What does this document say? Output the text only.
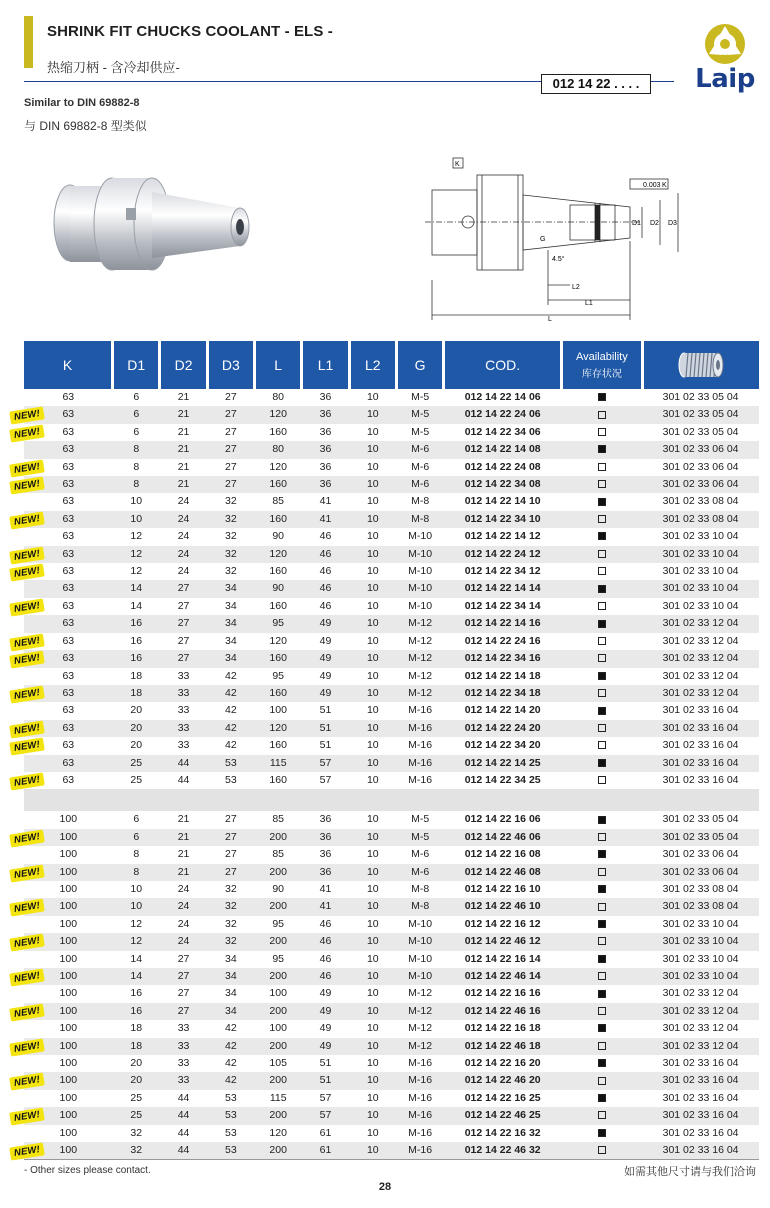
SHRINK FIT CHUCKS COOLANT - ELS -
热缩刀柄 - 含冷却供应-
012 14 22 . . . .	Laip
Similar to DIN 69882-8
与 DIN 69882-8 型类似
K
0.003 K
D1 D2 D3
G
4.5°
L2
L1
L
K	D1	D2	D3	L	L1	L2	G	COD.	Availability
库存状况

63	6	21	27	80	36	10	M-5	012 14 22 14 06		301 02 33 05 04
63	6	21	27	120	36	10	M-5	012 14 22 24 06		301 02 33 05 04
63	6	21	27	160	36	10	M-5	012 14 22 34 06		301 02 33 05 04
63	8	21	27	80	36	10	M-6	012 14 22 14 08		301 02 33 06 04
63	8	21	27	120	36	10	M-6	012 14 22 24 08		301 02 33 06 04
63	8	21	27	160	36	10	M-6	012 14 22 34 08		301 02 33 06 04
63	10	24	32	85	41	10	M-8	012 14 22 14 10		301 02 33 08 04
63	10	24	32	160	41	10	M-8	012 14 22 34 10		301 02 33 08 04
63	12	24	32	90	46	10	M-10	012 14 22 14 12		301 02 33 10 04
63	12	24	32	120	46	10	M-10	012 14 22 24 12		301 02 33 10 04
63	12	24	32	160	46	10	M-10	012 14 22 34 12		301 02 33 10 04
63	14	27	34	90	46	10	M-10	012 14 22 14 14		301 02 33 10 04
63	14	27	34	160	46	10	M-10	012 14 22 34 14		301 02 33 10 04
63	16	27	34	95	49	10	M-12	012 14 22 14 16		301 02 33 12 04
63	16	27	34	120	49	10	M-12	012 14 22 24 16		301 02 33 12 04
63	16	27	34	160	49	10	M-12	012 14 22 34 16		301 02 33 12 04
63	18	33	42	95	49	10	M-12	012 14 22 14 18		301 02 33 12 04
63	18	33	42	160	49	10	M-12	012 14 22 34 18		301 02 33 12 04
63	20	33	42	100	51	10	M-16	012 14 22 14 20		301 02 33 16 04
63	20	33	42	120	51	10	M-16	012 14 22 24 20		301 02 33 16 04
63	20	33	42	160	51	10	M-16	012 14 22 34 20		301 02 33 16 04
63	25	44	53	115	57	10	M-16	012 14 22 14 25		301 02 33 16 04
63	25	44	53	160	57	10	M-16	012 14 22 34 25		301 02 33 16 04

100	6	21	27	85	36	10	M-5	012 14 22 16 06		301 02 33 05 04
100	6	21	27	200	36	10	M-5	012 14 22 46 06		301 02 33 05 04
100	8	21	27	85	36	10	M-6	012 14 22 16 08		301 02 33 06 04
100	8	21	27	200	36	10	M-6	012 14 22 46 08		301 02 33 06 04
100	10	24	32	90	41	10	M-8	012 14 22 16 10		301 02 33 08 04
100	10	24	32	200	41	10	M-8	012 14 22 46 10		301 02 33 08 04
100	12	24	32	95	46	10	M-10	012 14 22 16 12		301 02 33 10 04
100	12	24	32	200	46	10	M-10	012 14 22 46 12		301 02 33 10 04
100	14	27	34	95	46	10	M-10	012 14 22 16 14		301 02 33 10 04
100	14	27	34	200	46	10	M-10	012 14 22 46 14		301 02 33 10 04
100	16	27	34	100	49	10	M-12	012 14 22 16 16		301 02 33 12 04
100	16	27	34	200	49	10	M-12	012 14 22 46 16		301 02 33 12 04
100	18	33	42	100	49	10	M-12	012 14 22 16 18		301 02 33 12 04
100	18	33	42	200	49	10	M-12	012 14 22 46 18		301 02 33 12 04
100	20	33	42	105	51	10	M-16	012 14 22 16 20		301 02 33 16 04
100	20	33	42	200	51	10	M-16	012 14 22 46 20		301 02 33 16 04
100	25	44	53	115	57	10	M-16	012 14 22 16 25		301 02 33 16 04
100	25	44	53	200	57	10	M-16	012 14 22 46 25		301 02 33 16 04
100	32	44	53	120	61	10	M-16	012 14 22 16 32		301 02 33 16 04
100	32	44	53	200	61	10	M-16	012 14 22 46 32		301 02 33 16 04
NEW!
NEW!
NEW!
NEW!
NEW!
NEW!
NEW!
NEW!
NEW!
NEW!
NEW!
NEW!
NEW!
NEW!
NEW!
NEW!
NEW!
NEW!
NEW!
NEW!
NEW!
NEW!
NEW!
NEW!
- Other sizes please contact.	如需其他尺寸请与我们洽询
28
